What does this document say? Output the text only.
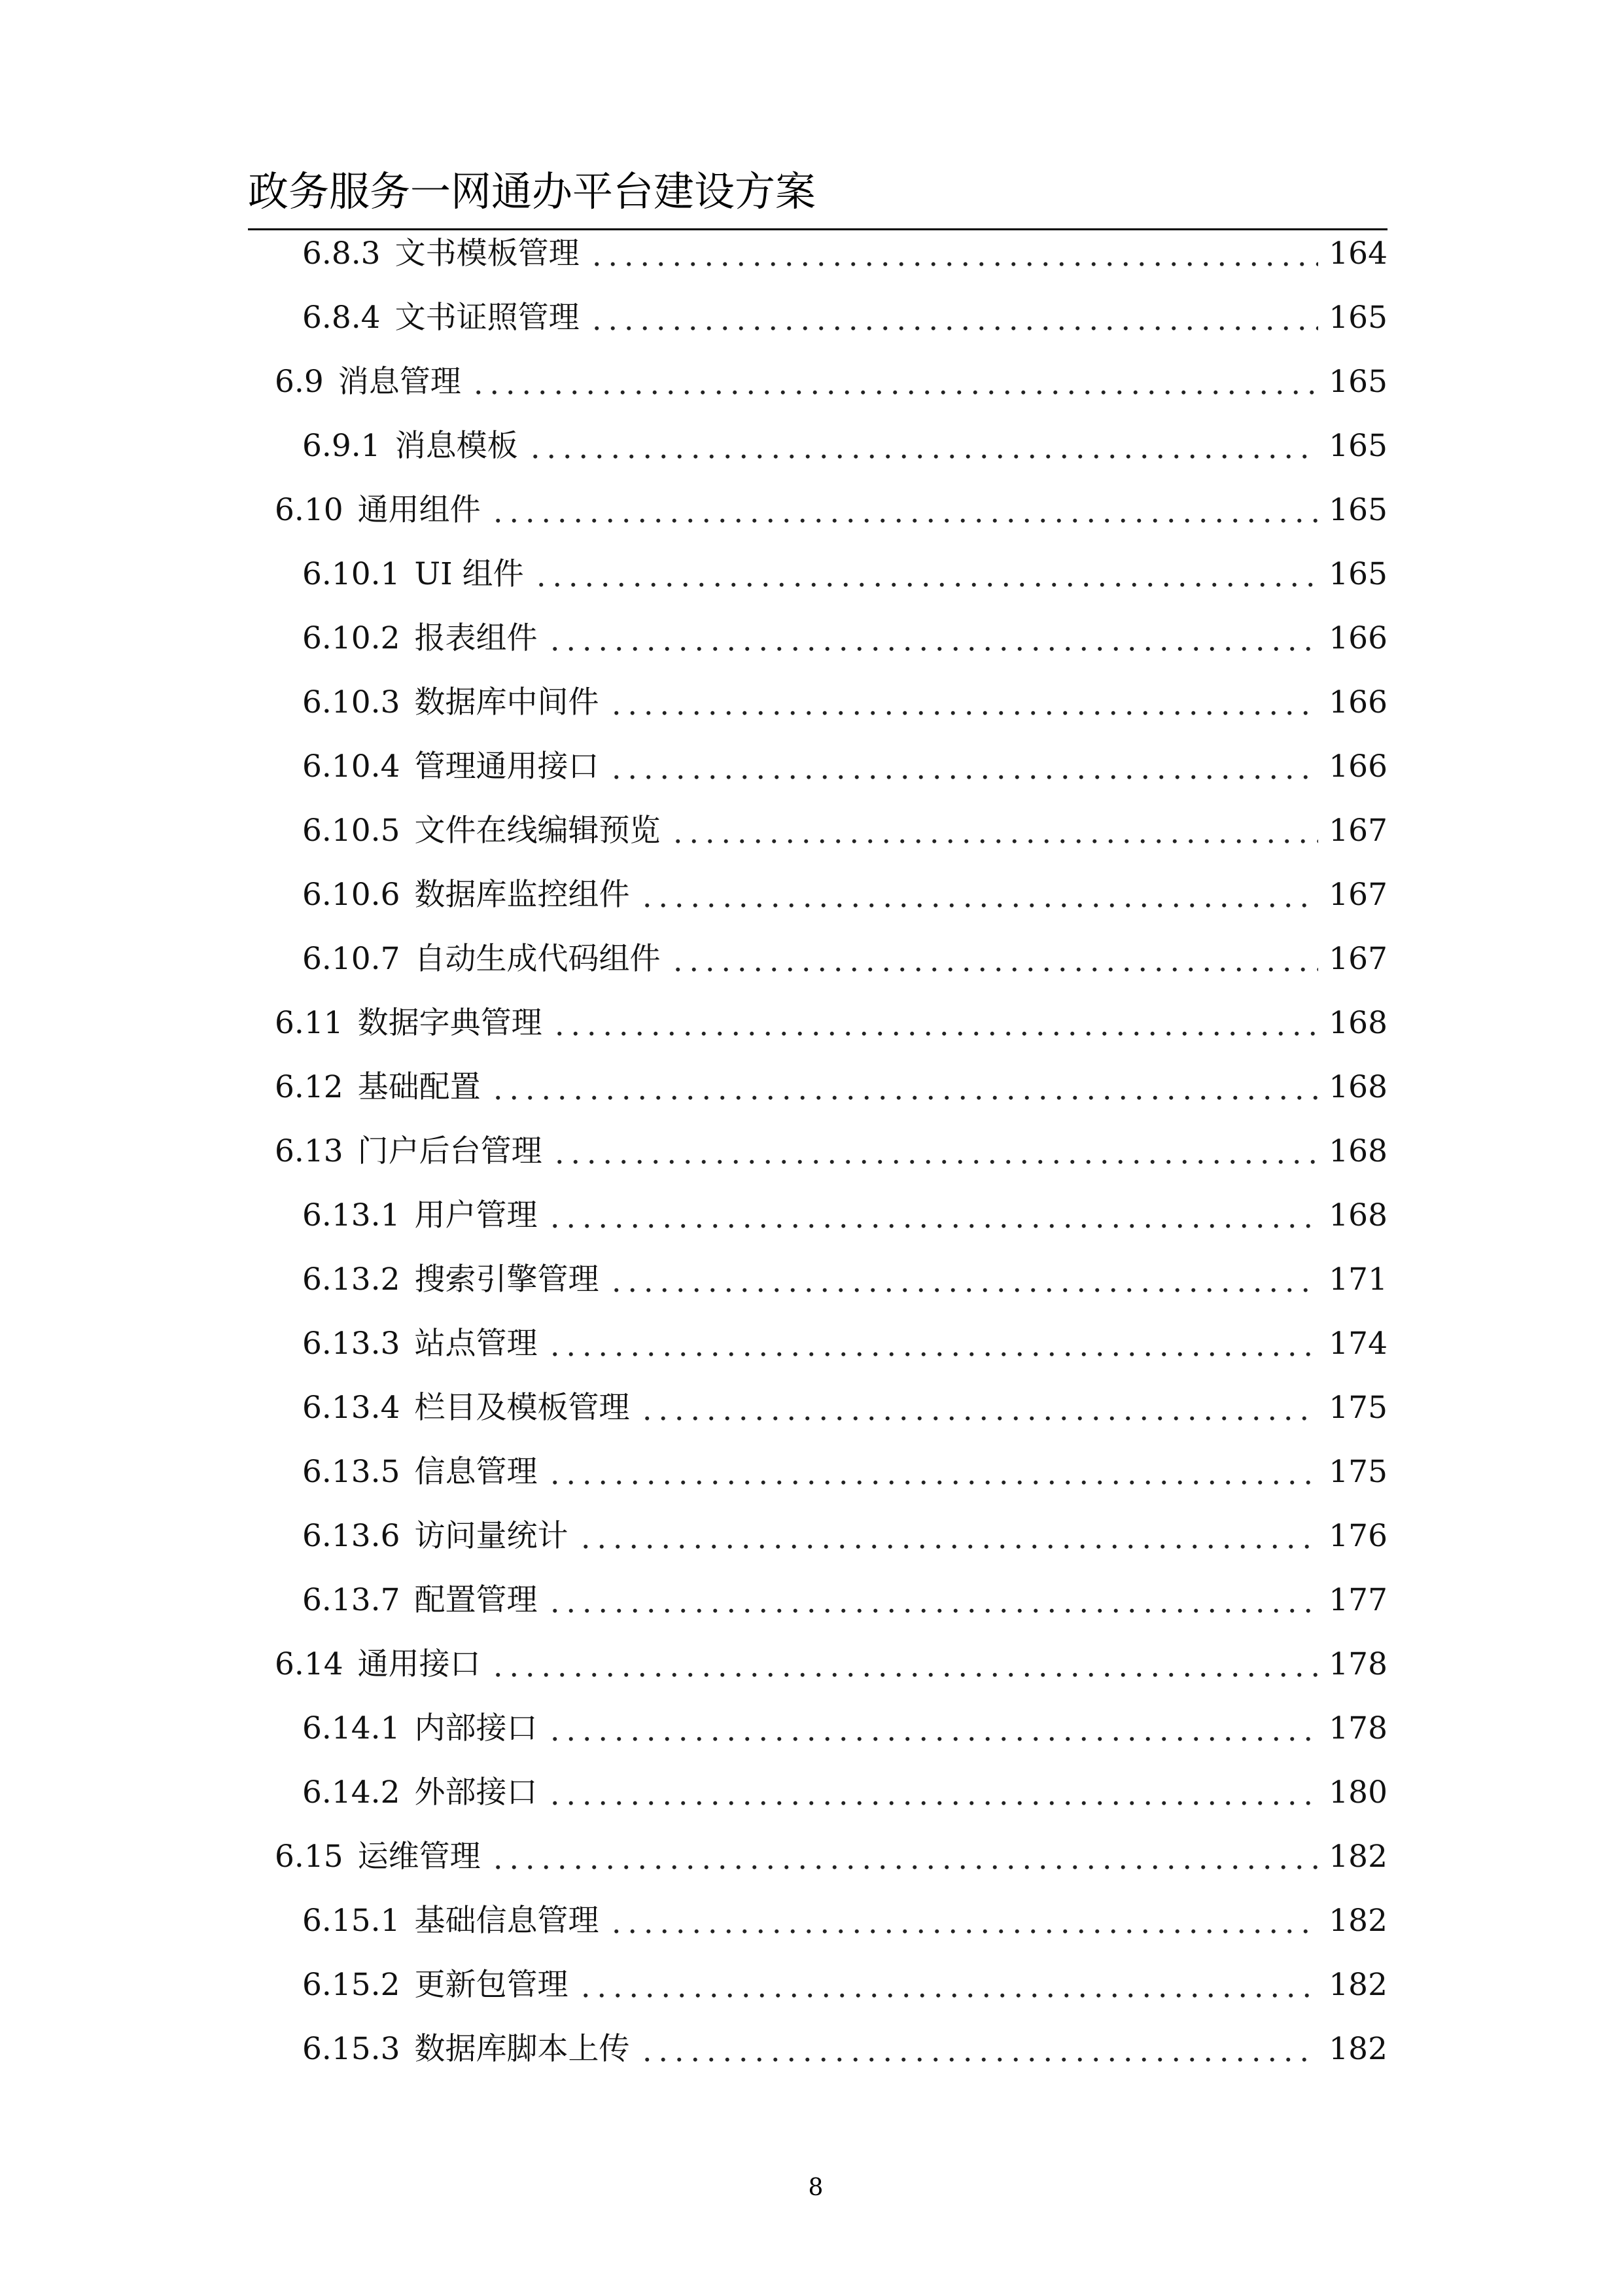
政务服务一网通办平台建设方案
6.8.3 文书模板管理	164
6.8.4 文书证照管理	165
6.9 消息管理	165
6.9.1 消息模板	165
6.10 通用组件	165
6.10.1 UI 组件	165
6.10.2 报表组件	166
6.10.3 数据库中间件	166
6.10.4 管理通用接口	166
6.10.5 文件在线编辑预览	167
6.10.6 数据库监控组件	167
6.10.7 自动生成代码组件	167
6.11 数据字典管理	168
6.12 基础配置	168
6.13 门户后台管理	168
6.13.1 用户管理	168
6.13.2 搜索引擎管理	171
6.13.3 站点管理	174
6.13.4 栏目及模板管理	175
6.13.5 信息管理	175
6.13.6 访问量统计	176
6.13.7 配置管理	177
6.14 通用接口	178
6.14.1 内部接口	178
6.14.2 外部接口	180
6.15 运维管理	182
6.15.1 基础信息管理	182
6.15.2 更新包管理	182
6.15.3 数据库脚本上传	182
8
